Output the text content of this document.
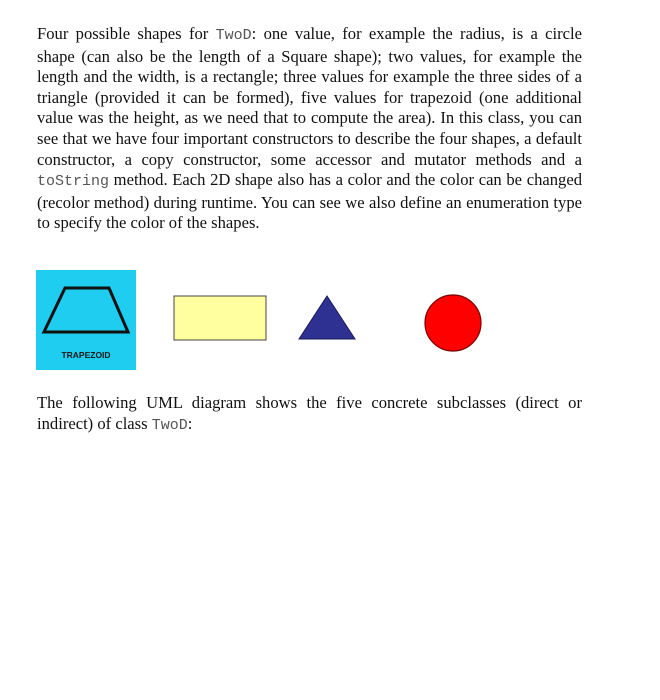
Four possible shapes for TwoD: one value, for example the radius, is a circle shape (can also be the length of a Square shape); two values, for example the length and the width, is a rectangle; three values for example the three sides of a triangle (provided it can be formed), five values for trapezoid (one additional value was the height, as we need that to compute the area). In this class, you can see that we have four important constructors to describe the four shapes, a default constructor, a copy constructor, some accessor and mutator methods and a toString method. Each 2D shape also has a color and the color can be changed (recolor method) during runtime. You can see we also define an enumeration type to specify the color of the shapes.

TRAPEZOID

The following UML diagram shows the five concrete subclasses (direct or indirect) of class TwoD:
